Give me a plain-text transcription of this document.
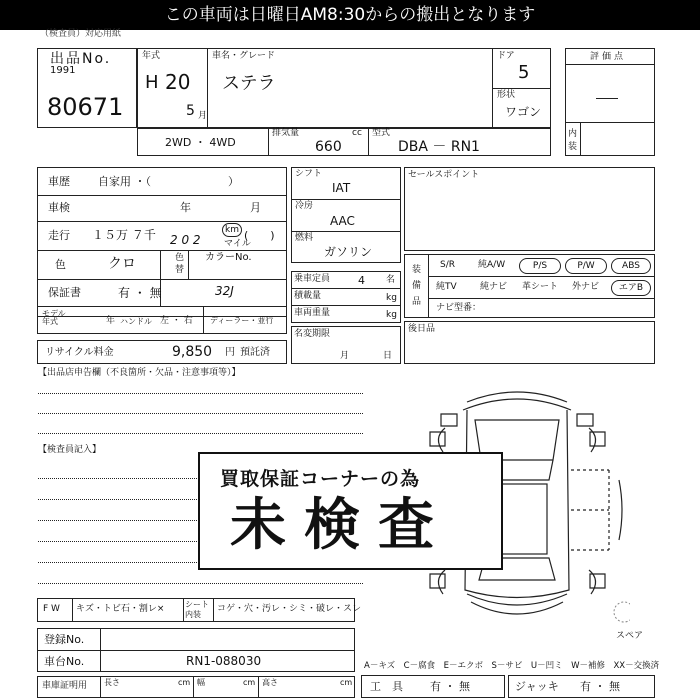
この車両は日曜日AM8:30からの搬出となります
（検査員）対応用紙
出品No.
1991
80671
年式
H 20
5 月
車名・グレード
ステラ
ドア
5
形状
ワゴン
評価点
内装
2WD ・ 4WD
排気量	cc
660
型式
DBA － RN1
車歴	自家用 ・（　　　　　　　）
車検	年	月
走行 １５万 ７千 2 0 2
km
マイル
(　　)
色	クロ	色替
カラーNo.
保証書	有 ・ 無	32J
モデル年式	年 ハンドル 左 ・ 右 ディーラー・並行
リサイクル料金	9,850 円 預託済
シフト
IAT
冷房
AAC
燃料
ガソリン
乗車定員	4 名
積載量	kg
車両重量	kg
名変期限
月	日
セールスポイント
装備品
S/R	純A/W	P/S	P/W	ABS
純TV	純ナビ 革シート 外ナビ	エアB
ナビ型番：
後日品
【出品店申告欄（不良箇所・欠品・注意事項等）】
【検査員記入】
スペア
買取保証コーナーの為
未検査
F W キズ・トビ石・割レ×	シート内装
コゲ・穴・汚レ・シミ・破レ・スレ
登録No.
車台No.	RN1-088030
車庫証明用 長さ	cm 幅	cm 高さ	cm
A－キズ　C－腐食　E－エクボ　S－サビ　U－凹ミ　W－補修　XX－交換済
工　具 有 ・ 無	ジャッキ 有 ・ 無
